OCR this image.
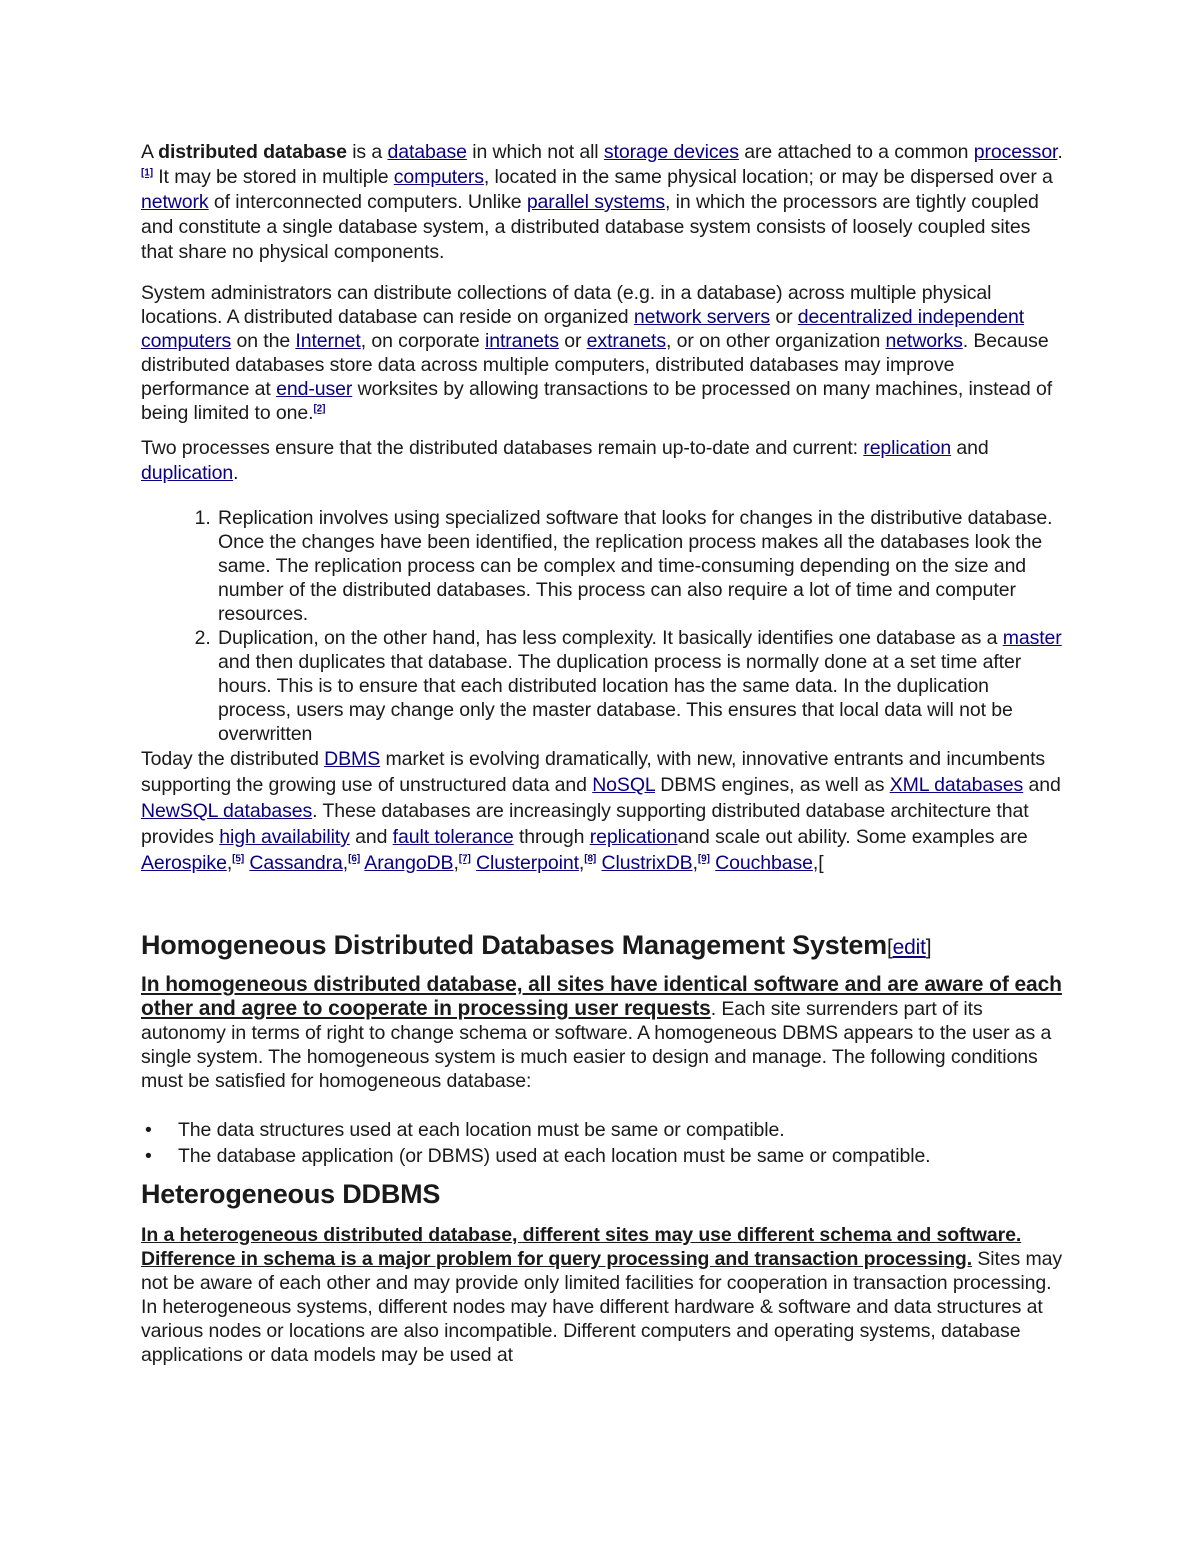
A distributed database is a database in which not all storage devices are attached to a common processor.[1] It may be stored in multiple computers, located in the same physical location; or may be dispersed over a network of interconnected computers. Unlike parallel systems, in which the processors are tightly coupled and constitute a single database system, a distributed database system consists of loosely coupled sites that share no physical components.

System administrators can distribute collections of data (e.g. in a database) across multiple physical locations. A distributed database can reside on organized network servers or decentralized independent computers on the Internet, on corporate intranets or extranets, or on other organization networks. Because distributed databases store data across multiple computers, distributed databases may improve performance at end-user worksites by allowing transactions to be processed on many machines, instead of being limited to one.[2]

Two processes ensure that the distributed databases remain up-to-date and current: replication and duplication.

1. Replication involves using specialized software that looks for changes in the distributive database. Once the changes have been identified, the replication process makes all the databases look the same. The replication process can be complex and time-consuming depending on the size and number of the distributed databases. This process can also require a lot of time and computer resources.
2. Duplication, on the other hand, has less complexity. It basically identifies one database as a master and then duplicates that database. The duplication process is normally done at a set time after hours. This is to ensure that each distributed location has the same data. In the duplication process, users may change only the master database. This ensures that local data will not be overwritten

Today the distributed DBMS market is evolving dramatically, with new, innovative entrants and incumbents supporting the growing use of unstructured data and NoSQL DBMS engines, as well as XML databases and NewSQL databases. These databases are increasingly supporting distributed database architecture that provides high availability and fault tolerance through replicationand scale out ability. Some examples are Aerospike,[5] Cassandra,[6] ArangoDB,[7] Clusterpoint,[8] ClustrixDB,[9] Couchbase,[

Homogeneous Distributed Databases Management System[edit]

In homogeneous distributed database, all sites have identical software and are aware of each other and agree to cooperate in processing user requests. Each site surrenders part of its autonomy in terms of right to change schema or software. A homogeneous DBMS appears to the user as a single system. The homogeneous system is much easier to design and manage. The following conditions must be satisfied for homogeneous database:

• The data structures used at each location must be same or compatible.
• The database application (or DBMS) used at each location must be same or compatible.
Heterogeneous DDBMS

In a heterogeneous distributed database, different sites may use different schema and software. Difference in schema is a major problem for query processing and transaction processing. Sites may not be aware of each other and may provide only limited facilities for cooperation in transaction processing. In heterogeneous systems, different nodes may have different hardware & software and data structures at various nodes or locations are also incompatible. Different computers and operating systems, database applications or data models may be used at
